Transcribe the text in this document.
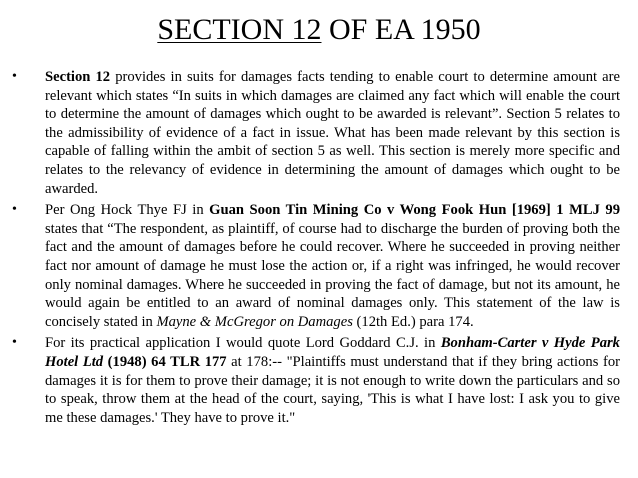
SECTION 12 OF EA 1950
• Section 12 provides in suits for damages facts tending to enable court to determine amount are relevant which states “In suits in which damages are claimed any fact which will enable the court to determine the amount of damages which ought to be awarded is relevant”. Section 5 relates to the admissibility of evidence of a fact in issue. What has been made relevant by this section is capable of falling within the ambit of section 5 as well. This section is merely more specific and relates to the relevancy of evidence in determining the amount of damages which ought to be awarded.
• Per Ong Hock Thye FJ in Guan Soon Tin Mining Co v Wong Fook Hun [1969] 1 MLJ 99 states that “The respondent, as plaintiff, of course had to discharge the burden of proving both the fact and the amount of damages before he could recover. Where he succeeded in proving neither fact nor amount of damage he must lose the action or, if a right was infringed, he would recover only nominal damages. Where he succeeded in proving the fact of damage, but not its amount, he would again be entitled to an award of nominal damages only. This statement of the law is concisely stated in Mayne & McGregor on Damages (12th Ed.) para 174.
• For its practical application I would quote Lord Goddard C.J. in Bonham-Carter v Hyde Park Hotel Ltd (1948) 64 TLR 177 at 178:-- "Plaintiffs must understand that if they bring actions for damages it is for them to prove their damage; it is not enough to write down the particulars and so to speak, throw them at the head of the court, saying, 'This is what I have lost: I ask you to give me these damages.' They have to prove it."
